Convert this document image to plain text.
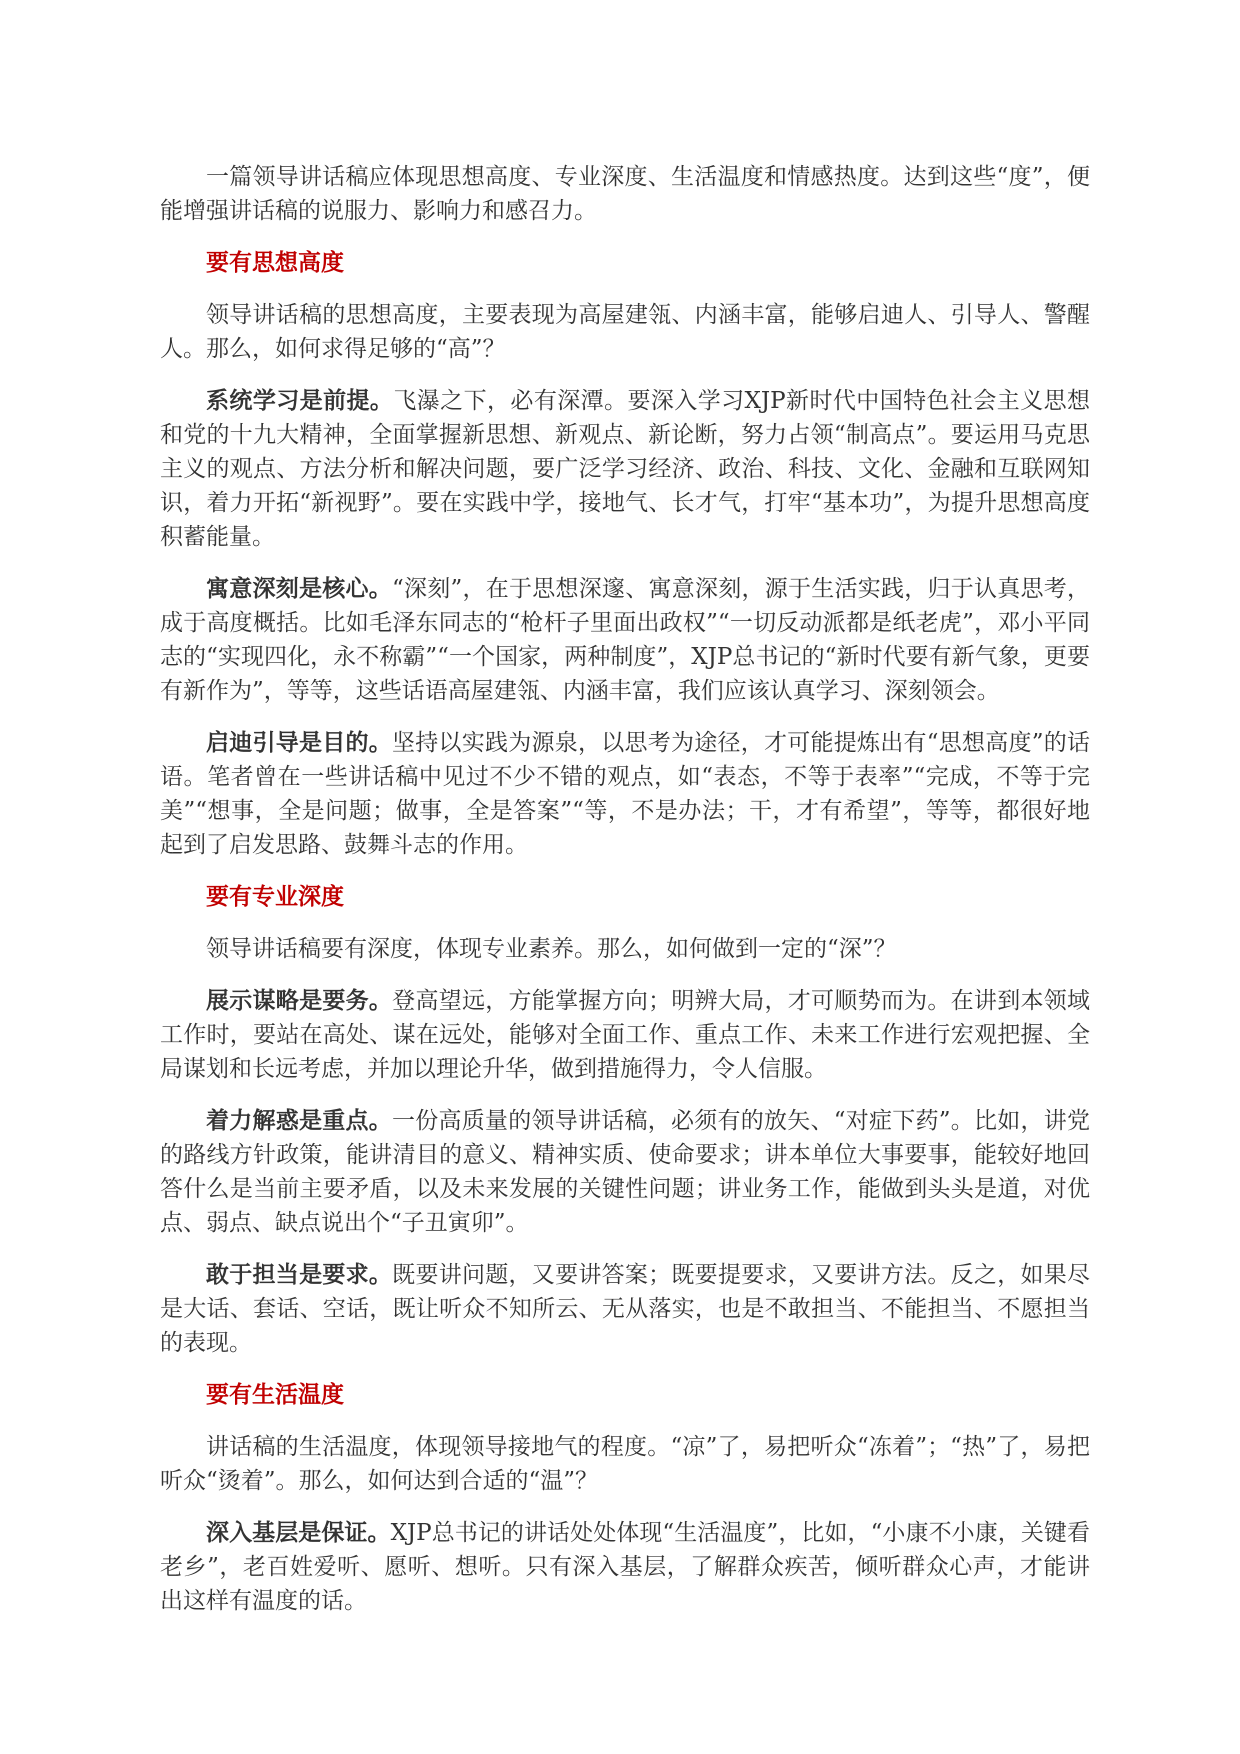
一篇领导讲话稿应体现思想高度、专业深度、生活温度和情感热度。达到这些“度”，便能增强讲话稿的说服力、影响力和感召力。

要有思想高度

领导讲话稿的思想高度，主要表现为高屋建瓴、内涵丰富，能够启迪人、引导人、警醒人。那么，如何求得足够的“高”？

系统学习是前提。飞瀑之下，必有深潭。要深入学习XJP新时代中国特色社会主义思想和党的十九大精神，全面掌握新思想、新观点、新论断，努力占领“制高点”。要运用马克思主义的观点、方法分析和解决问题，要广泛学习经济、政治、科技、文化、金融和互联网知识，着力开拓“新视野”。要在实践中学，接地气、长才气，打牢“基本功”，为提升思想高度积蓄能量。

寓意深刻是核心。“深刻”，在于思想深邃、寓意深刻，源于生活实践，归于认真思考，成于高度概括。比如毛泽东同志的“枪杆子里面出政权”“一切反动派都是纸老虎”，邓小平同志的“实现四化，永不称霸”“一个国家，两种制度”，XJP总书记的“新时代要有新气象，更要有新作为”，等等，这些话语高屋建瓴、内涵丰富，我们应该认真学习、深刻领会。

启迪引导是目的。坚持以实践为源泉，以思考为途径，才可能提炼出有“思想高度”的话语。笔者曾在一些讲话稿中见过不少不错的观点，如“表态，不等于表率”“完成，不等于完美”“想事，全是问题；做事，全是答案”“等，不是办法；干，才有希望”，等等，都很好地起到了启发思路、鼓舞斗志的作用。

要有专业深度

领导讲话稿要有深度，体现专业素养。那么，如何做到一定的“深”？

展示谋略是要务。登高望远，方能掌握方向；明辨大局，才可顺势而为。在讲到本领域工作时，要站在高处、谋在远处，能够对全面工作、重点工作、未来工作进行宏观把握、全局谋划和长远考虑，并加以理论升华，做到措施得力，令人信服。

着力解惑是重点。一份高质量的领导讲话稿，必须有的放矢、“对症下药”。比如，讲党的路线方针政策，能讲清目的意义、精神实质、使命要求；讲本单位大事要事，能较好地回答什么是当前主要矛盾，以及未来发展的关键性问题；讲业务工作，能做到头头是道，对优点、弱点、缺点说出个“子丑寅卯”。

敢于担当是要求。既要讲问题，又要讲答案；既要提要求，又要讲方法。反之，如果尽是大话、套话、空话，既让听众不知所云、无从落实，也是不敢担当、不能担当、不愿担当的表现。

要有生活温度

讲话稿的生活温度，体现领导接地气的程度。“凉”了，易把听众“冻着”；“热”了，易把听众“烫着”。那么，如何达到合适的“温”？

深入基层是保证。XJP总书记的讲话处处体现“生活温度”，比如，“小康不小康，关键看老乡”，老百姓爱听、愿听、想听。只有深入基层，了解群众疾苦，倾听群众心声，才能讲出这样有温度的话。
